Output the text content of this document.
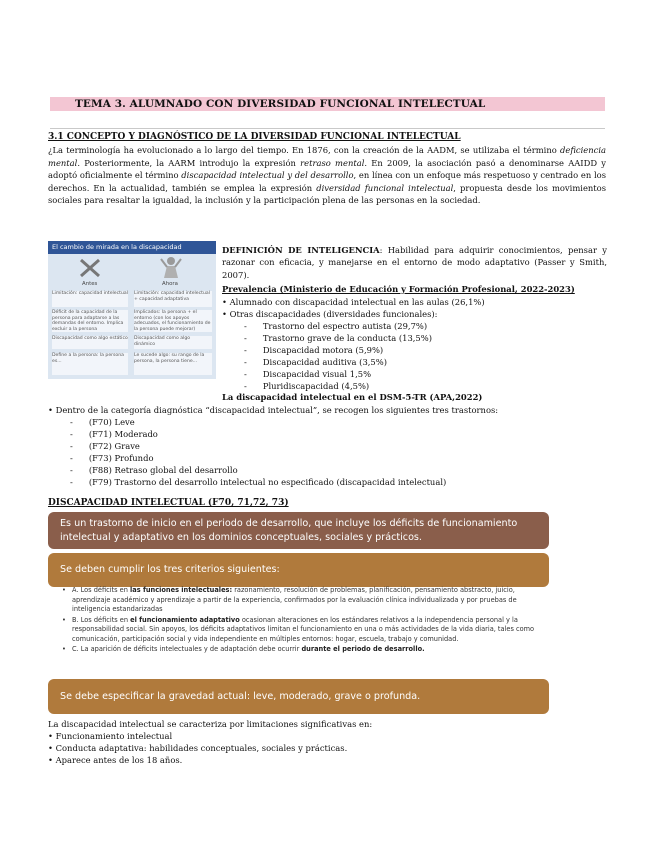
TEMA 3. ALUMNADO CON DIVERSIDAD FUNCIONAL INTELECTUAL
3.1 CONCEPTO Y DIAGNÓSTICO DE LA DIVERSIDAD FUNCIONAL INTELECTUAL
¿La terminología ha evolucionado a lo largo del tiempo. En 1876, con la creación de la AADM, se utilizaba el término deficiencia mental. Posteriormente, la AARM introdujo la expresión retraso mental. En 2009, la asociación pasó a denominarse AAIDD y adoptó oficialmente el término discapacidad intelectual y del desarrollo, en línea con un enfoque más respetuoso y centrado en los derechos. En la actualidad, también se emplea la expresión diversidad funcional intelectual, propuesta desde los movimientos sociales para resaltar la igualdad, la inclusión y la participación plena de las personas en la sociedad.
El cambio de mirada en la discapacidad
Antes	Ahora
Limitación: capacidad intelectual Limitación: capacidad intelectual + capacidad adaptativa
Déficit de la capacidad de la persona para adaptarse a las demandas del entorno. Implica excluir a la persona
Implicados: la persona + el entorno (con los apoyos adecuados, el funcionamiento de la persona puede mejorar)
Discapacidad como algo estático Discapacidad como algo dinámico
Define a la persona: la persona es...
Le sucede algo: su rango de la persona, la persona tiene...
DEFINICIÓN DE INTELIGENCIA: Habilidad para adquirir conocimientos, pensar y razonar con eficacia, y manejarse en el entorno de modo adaptativo (Passer y Smith, 2007).
Prevalencia (Ministerio de Educación y Formación Profesional, 2022-2023)
• Alumnado con discapacidad intelectual en las aulas (26,1%)
• Otras discapacidades (diversidades funcionales):
- Trastorno del espectro autista (29,7%)
- Trastorno grave de la conducta (13,5%)
- Discapacidad motora (5,9%)
- Discapacidad auditiva (3,5%)
- Discapacidad visual 1,5%
La discapacidad intelectual en el DSM-5-TR (APA,2022)
- Pluridiscapacidad (4,5%)
• Dentro de la categoría diagnóstica “discapacidad intelectual”, se recogen los siguientes tres trastornos:
- (F70) Leve
- (F71) Moderado
- (F72) Grave
- (F73) Profundo
- (F88) Retraso global del desarrollo
- (F79) Trastorno del desarrollo intelectual no especificado (discapacidad intelectual)
DISCAPACIDAD INTELECTUAL (F70, 71,72, 73)
Es un trastorno de inicio en el periodo de desarrollo, que incluye los déficits de funcionamiento intelectual y adaptativo en los dominios conceptuales, sociales y prácticos.
Se deben cumplir los tres criterios siguientes:
• A. Los déficits en las funciones intelectuales: razonamiento, resolución de problemas, planificación, pensamiento abstracto, juicio, aprendizaje académico y aprendizaje a partir de la experiencia, confirmados por la evaluación clínica individualizada y por pruebas de inteligencia estandarizadas
• B. Los déficits en el funcionamiento adaptativo ocasionan alteraciones en los estándares relativos a la independencia personal y la responsabilidad social. Sin apoyos, los déficits adaptativos limitan el funcionamiento en una o más actividades de la vida diaria, tales como comunicación, participación social y vida independiente en múltiples entornos: hogar, escuela, trabajo y comunidad.
• C. La aparición de déficits intelectuales y de adaptación debe ocurrir durante el periodo de desarrollo.
Se debe especificar la gravedad actual: leve, moderado, grave o profunda.
La discapacidad intelectual se caracteriza por limitaciones significativas en:
• Funcionamiento intelectual
• Conducta adaptativa: habilidades conceptuales, sociales y prácticas.
• Aparece antes de los 18 años.
